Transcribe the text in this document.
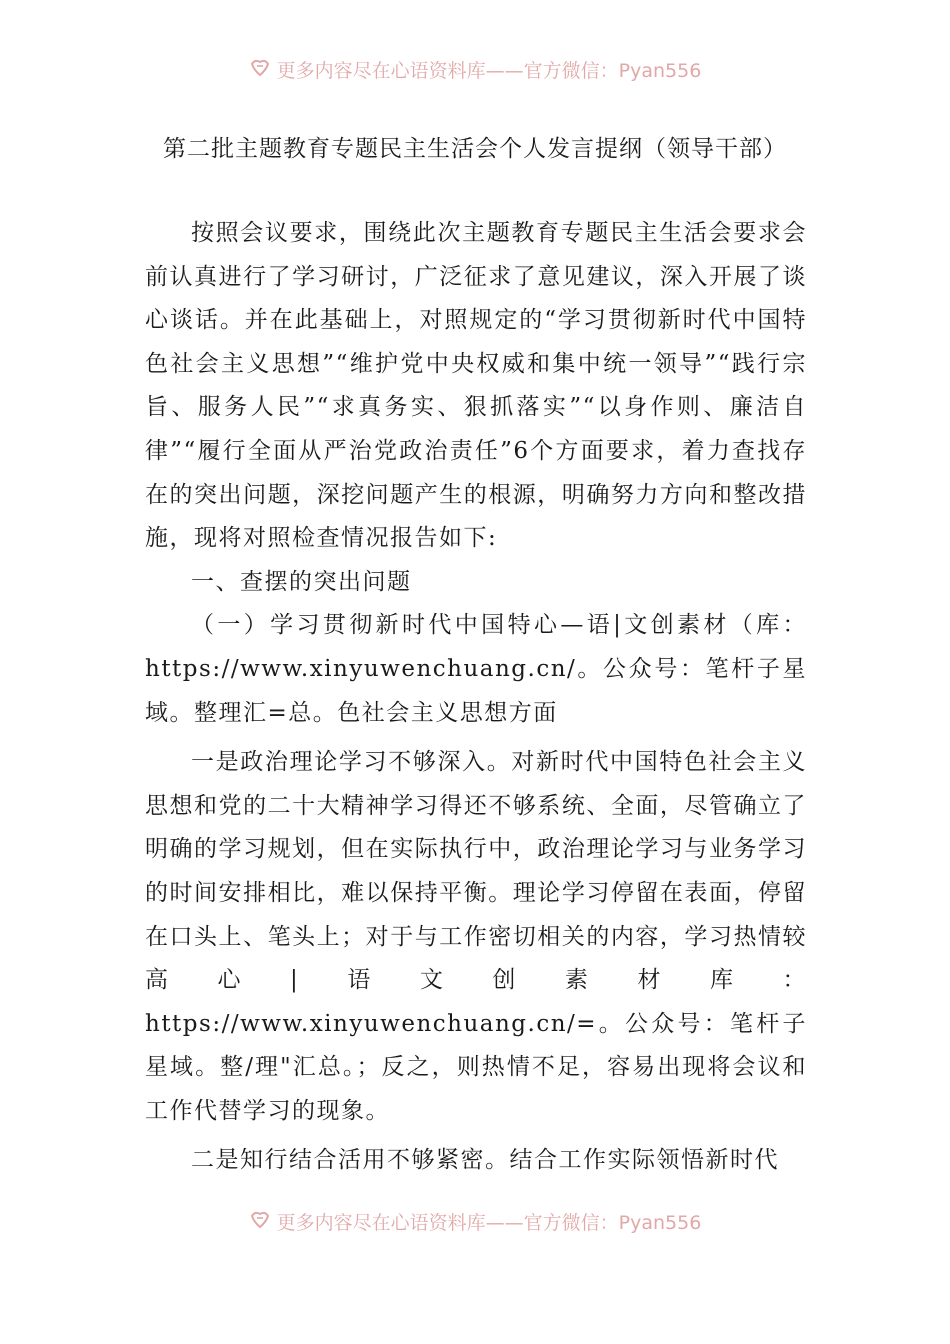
更多内容尽在心语资料库——官方微信：Pyan556
第二批主题教育专题民主生活会个人发言提纲（领导干部）

按照会议要求，围绕此次主题教育专题民主生活会要求会前认真进行了学习研讨，广泛征求了意见建议，深入开展了谈心谈话。并在此基础上，对照规定的“学习贯彻新时代中国特色社会主义思想”“维护党中央权威和集中统一领导”“践行宗旨、服务人民”“求真务实、狠抓落实”“以身作则、廉洁自律”“履行全面从严治党政治责任”6个方面要求，着力查找存在的突出问题，深挖问题产生的根源，明确努力方向和整改措施，现将对照检查情况报告如下:

一、查摆的突出问题

（一）学习贯彻新时代中国特心—语|文创素材（库：https://www.xinyuwenchuang.cn/。公众号：笔杆子星域。整理汇=总。色社会主义思想方面

一是政治理论学习不够深入。对新时代中国特色社会主义思想和党的二十大精神学习得还不够系统、全面，尽管确立了明确的学习规划，但在实际执行中，政治理论学习与业务学习的时间安排相比，难以保持平衡。理论学习停留在表面，停留在口头上、笔头上；对于与工作密切相关的内容，学习热情较高心|语文创素材库：https://www.xinyuwenchuang.cn/=。公众号：笔杆子星域。整/理"汇总。；反之，则热情不足，容易出现将会议和工作代替学习的现象。

二是知行结合活用不够紧密。结合工作实际领悟新时代

更多内容尽在心语资料库——官方微信：Pyan556
